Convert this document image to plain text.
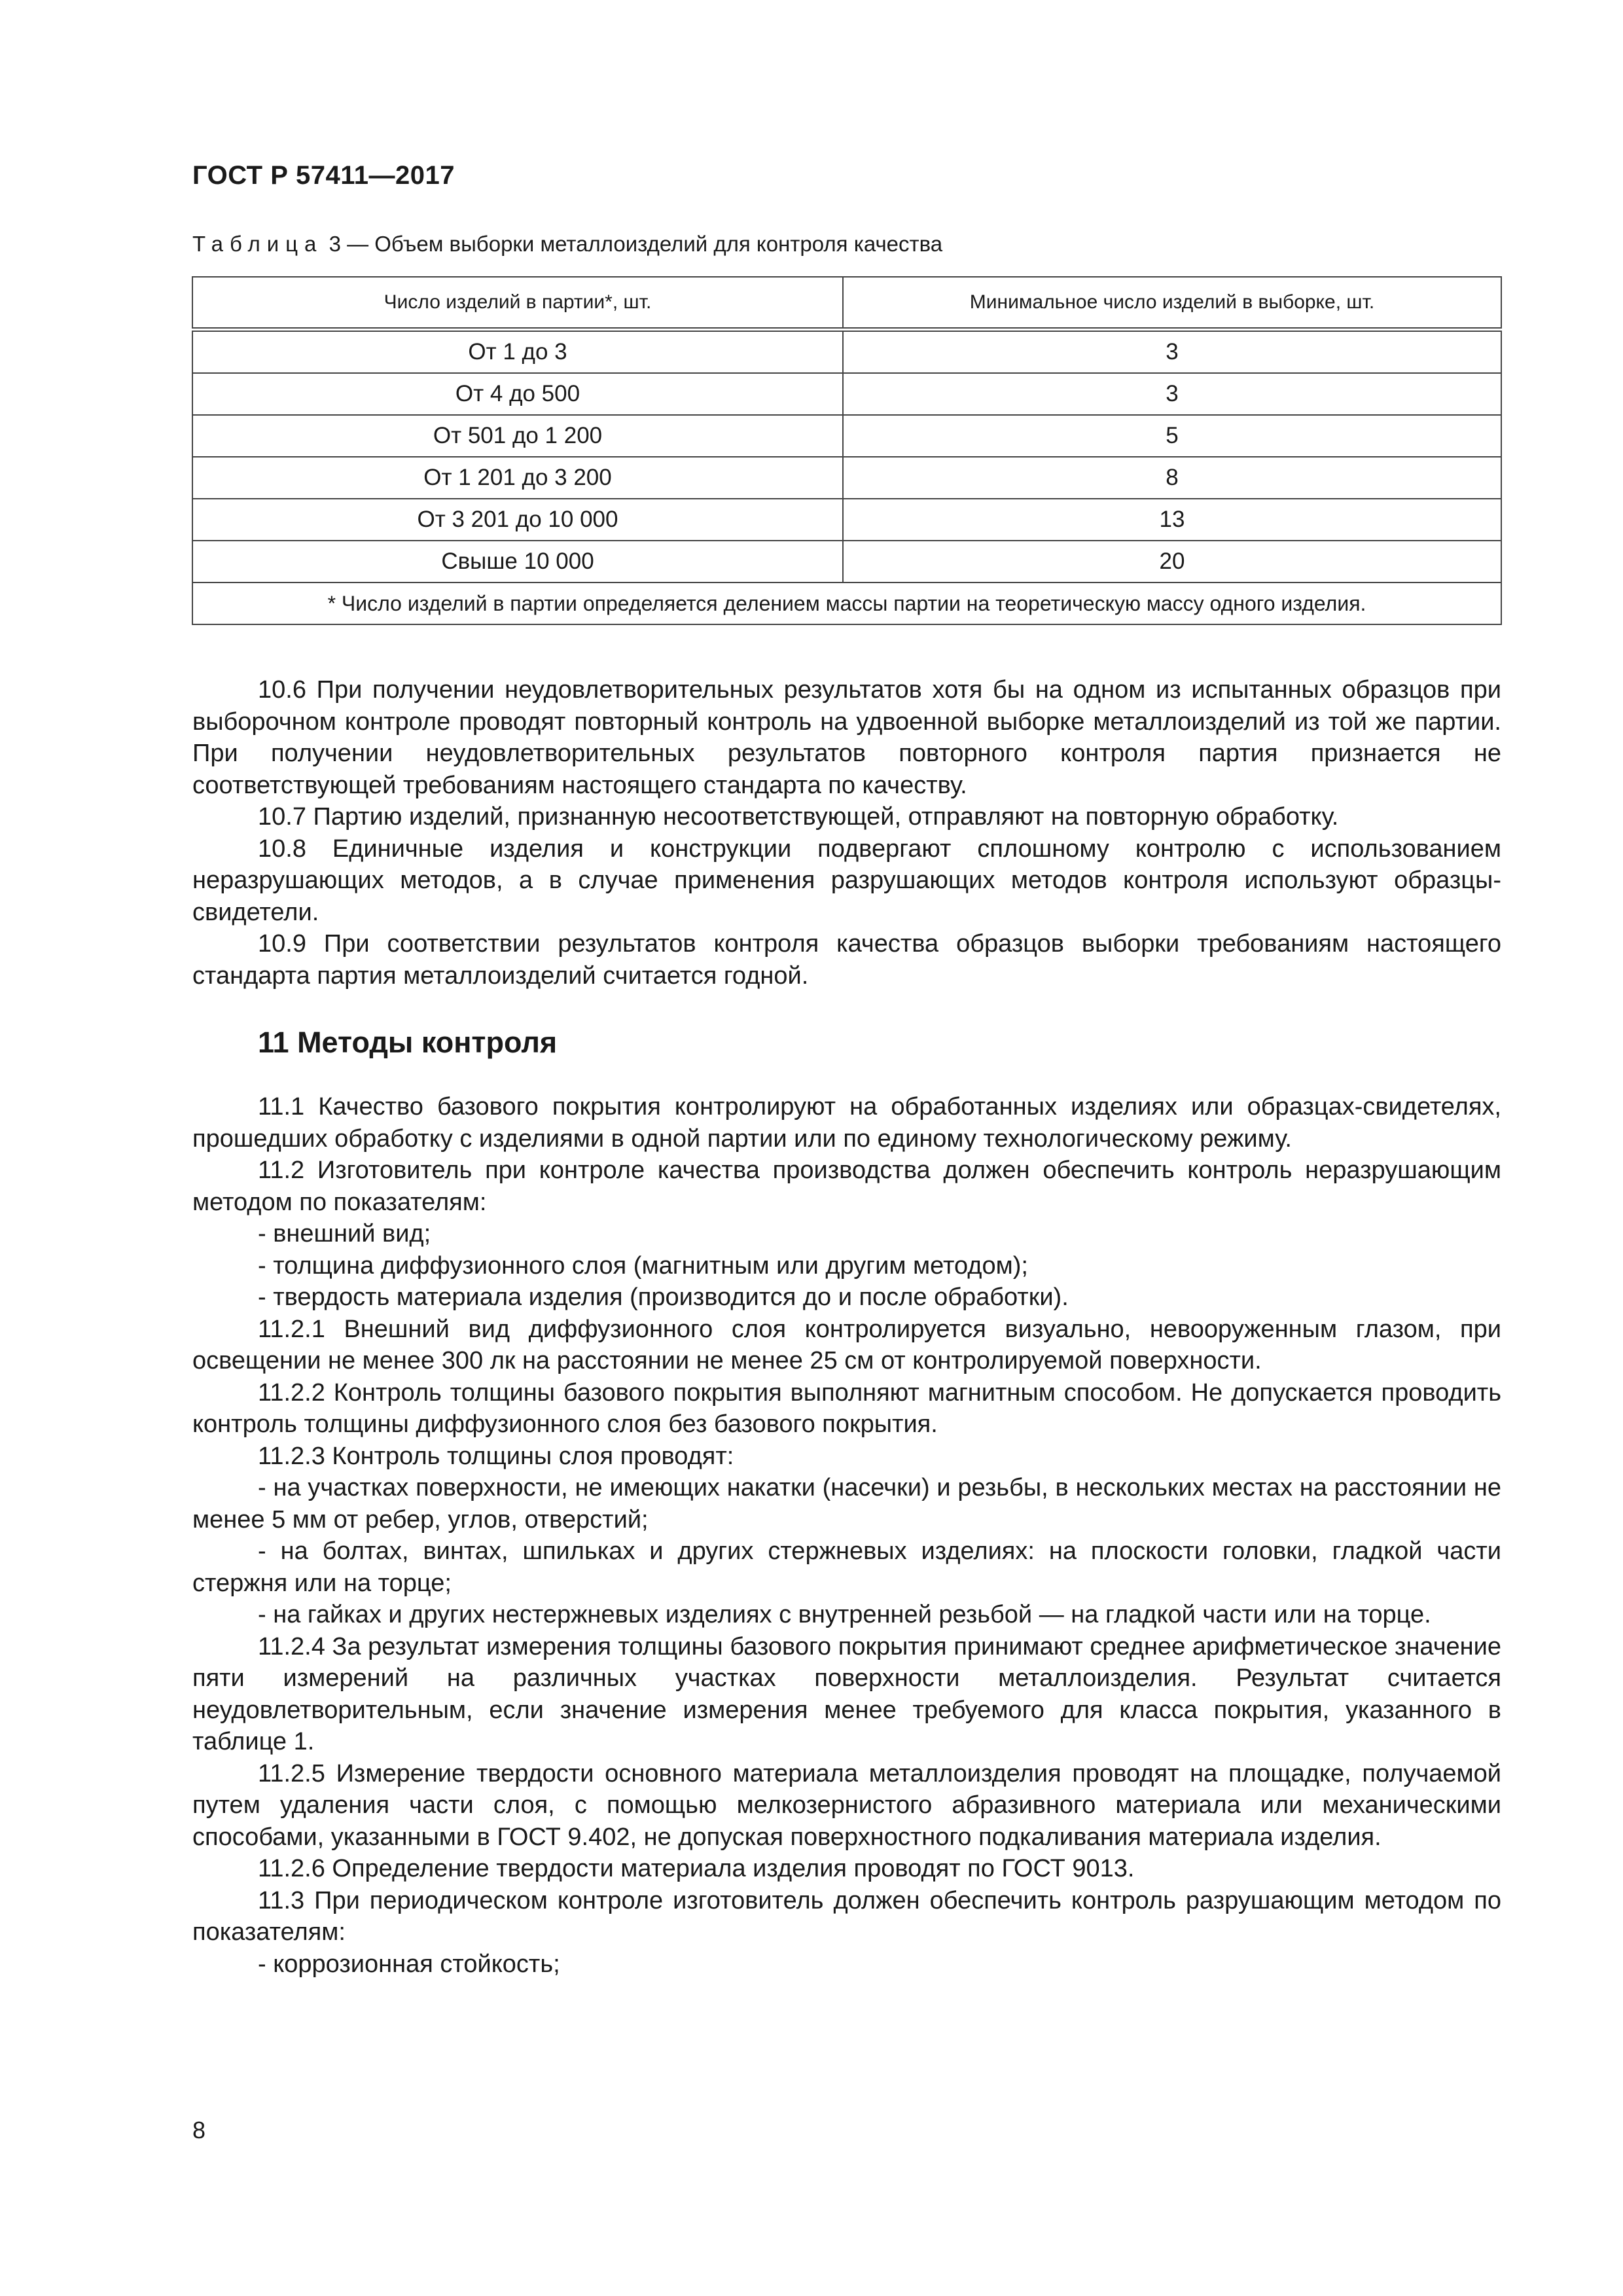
ГОСТ Р 57411—2017

Таблица 3 — Объем выборки металлоизделий для контроля качества

Число изделий в партии*, шт.	Минимальное число изделий в выборке, шт.
От 1 до 3	3
От 4 до 500	3
От 501 до 1 200	5
От 1 201 до 3 200	8
От 3 201 до 10 000	13
Свыше 10 000	20
* Число изделий в партии определяется делением массы партии на теоретическую массу одного изделия.	

10.6 При получении неудовлетворительных результатов хотя бы на одном из испытанных образцов при выборочном контроле проводят повторный контроль на удвоенной выборке металлоизделий из той же партии. При получении неудовлетворительных результатов повторного контроля партия признается не соответствующей требованиям настоящего стандарта по качеству.

10.7 Партию изделий, признанную несоответствующей, отправляют на повторную обработку.

10.8 Единичные изделия и конструкции подвергают сплошному контролю с использованием неразрушающих методов, а в случае применения разрушающих методов контроля используют образцы-свидетели.

10.9 При соответствии результатов контроля качества образцов выборки требованиям настоящего стандарта партия металлоизделий считается годной.

11 Методы контроля

11.1 Качество базового покрытия контролируют на обработанных изделиях или образцах-свидетелях, прошедших обработку с изделиями в одной партии или по единому технологическому режиму.

11.2 Изготовитель при контроле качества производства должен обеспечить контроль неразрушающим методом по показателям:

- внешний вид;

- толщина диффузионного слоя (магнитным или другим методом);

- твердость материала изделия (производится до и после обработки).

11.2.1 Внешний вид диффузионного слоя контролируется визуально, невооруженным глазом, при освещении не менее 300 лк на расстоянии не менее 25 см от контролируемой поверхности.

11.2.2 Контроль толщины базового покрытия выполняют магнитным способом. Не допускается проводить контроль толщины диффузионного слоя без базового покрытия.

11.2.3 Контроль толщины слоя проводят:

- на участках поверхности, не имеющих накатки (насечки) и резьбы, в нескольких местах на расстоянии не менее 5 мм от ребер, углов, отверстий;

- на болтах, винтах, шпильках и других стержневых изделиях: на плоскости головки, гладкой части стержня или на торце;

- на гайках и других нестержневых изделиях с внутренней резьбой — на гладкой части или на торце.

11.2.4 За результат измерения толщины базового покрытия принимают среднее арифметическое значение пяти измерений на различных участках поверхности металлоизделия. Результат считается неудовлетворительным, если значение измерения менее требуемого для класса покрытия, указанного в таблице 1.

11.2.5 Измерение твердости основного материала металлоизделия проводят на площадке, получаемой путем удаления части слоя, с помощью мелкозернистого абразивного материала или механическими способами, указанными в ГОСТ 9.402, не допуская поверхностного подкаливания материала изделия.

11.2.6 Определение твердости материала изделия проводят по ГОСТ 9013.

11.3 При периодическом контроле изготовитель должен обеспечить контроль разрушающим методом по показателям:

- коррозионная стойкость;

8
